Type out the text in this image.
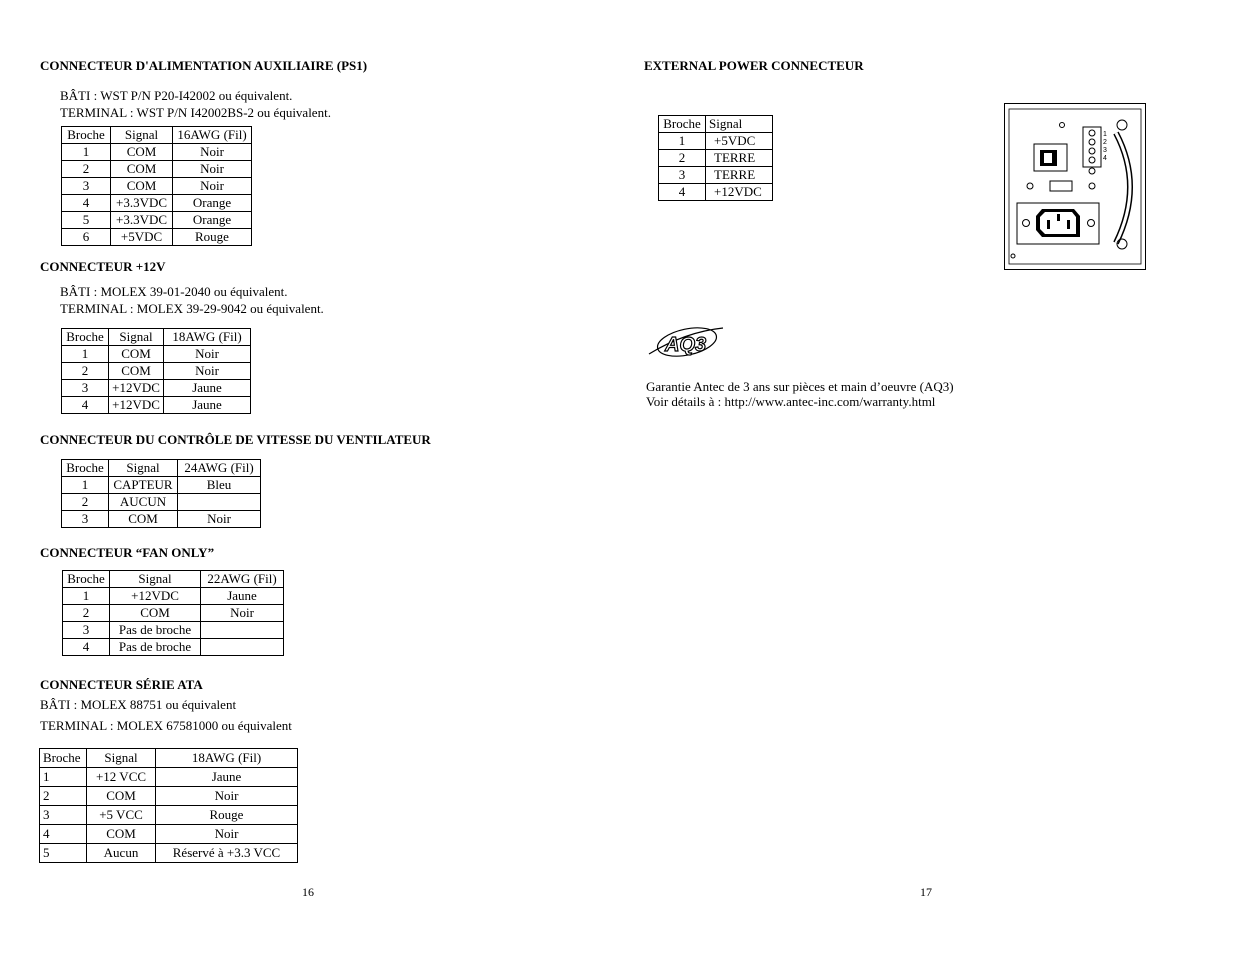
CONNECTEUR D'ALIMENTATION AUXILIAIRE (PS1)
BÂTI : WST P/N P20-I42002 ou équivalent.
TERMINAL : WST P/N I42002BS-2 ou équivalent.
Broche	Signal	16AWG (Fil)
1	COM	Noir
2	COM	Noir
3	COM	Noir
4	+3.3VDC	Orange
5	+3.3VDC	Orange
6	+5VDC	Rouge
CONNECTEUR +12V
BÂTI : MOLEX 39-01-2040 ou équivalent.
TERMINAL : MOLEX 39-29-9042 ou équivalent.
Broche	Signal	18AWG (Fil)
1	COM	Noir
2	COM	Noir
3	+12VDC	Jaune
4	+12VDC	Jaune
CONNECTEUR DU CONTRÔLE DE VITESSE DU VENTILATEUR
Broche	Signal	24AWG (Fil)
1	CAPTEUR	Bleu
2	AUCUN	
3	COM	Noir
CONNECTEUR “FAN ONLY”
Broche	Signal	22AWG (Fil)
1	+12VDC	Jaune
2	COM	Noir
3	Pas de broche	
4	Pas de broche	
CONNECTEUR SÉRIE ATA
BÂTI : MOLEX 88751 ou équivalent
TERMINAL : MOLEX 67581000 ou équivalent
Broche	Signal	18AWG (Fil)
1	+12 VCC	Jaune
2	COM	Noir
3	+5 VCC	Rouge
4	COM	Noir
5	Aucun	Réservé à +3.3 VCC
16
EXTERNAL POWER CONNECTEUR
Broche	Signal
1	+5VDC
2	TERRE
3	TERRE
4	+12VDC
1
2
3
4
AQ3
Garantie Antec de 3 ans sur pièces et main d’oeuvre (AQ3)
Voir détails à : http://www.antec-inc.com/warranty.html
17
